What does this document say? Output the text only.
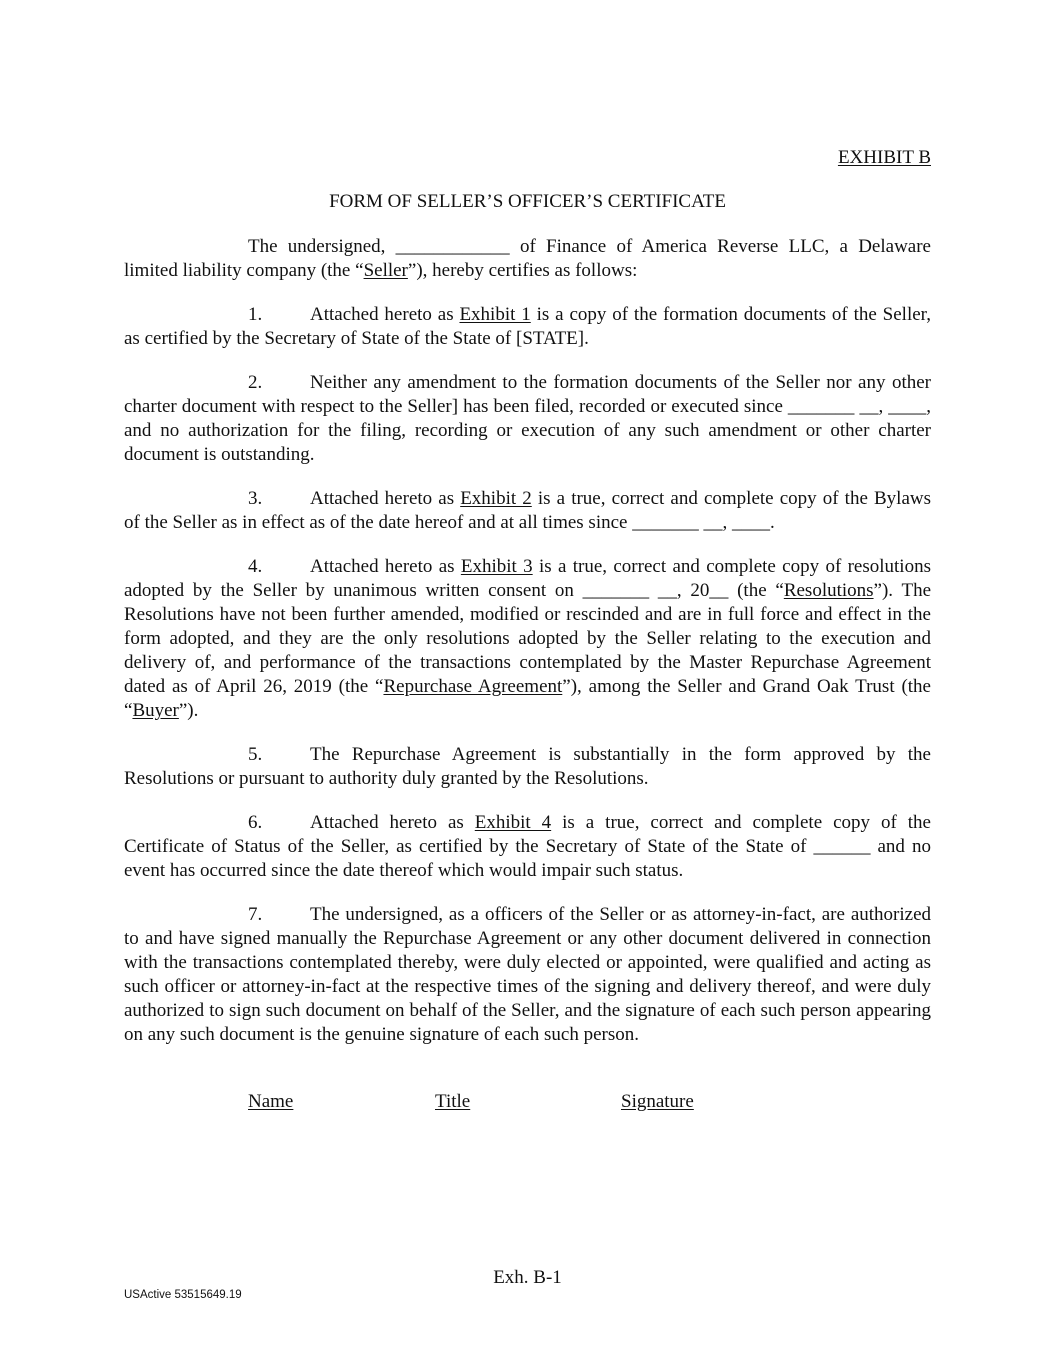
EXHIBIT B
FORM OF SELLER’S OFFICER’S CERTIFICATE

The undersigned, ____________ of Finance of America Reverse LLC, a Delaware limited liability company (the “Seller”), hereby certifies as follows:

1.	Attached hereto as Exhibit 1 is a copy of the formation documents of the Seller, as certified by the Secretary of State of the State of [STATE].

2.	Neither any amendment to the formation documents of the Seller nor any other charter document with respect to the Seller] has been filed, recorded or executed since _______ __, ____, and no authorization for the filing, recording or execution of any such amendment or other charter document is outstanding.

3.	Attached hereto as Exhibit 2 is a true, correct and complete copy of the Bylaws of the Seller as in effect as of the date hereof and at all times since _______ __, ____.

4.	Attached hereto as Exhibit 3 is a true, correct and complete copy of resolutions adopted by the Seller by unanimous written consent on _______ __, 20__ (the “Resolutions”). The Resolutions have not been further amended, modified or rescinded and are in full force and effect in the form adopted, and they are the only resolutions adopted by the Seller relating to the execution and delivery of, and performance of the transactions contemplated by the Master Repurchase Agreement dated as of April 26, 2019 (the “Repurchase Agreement”), among the Seller and Grand Oak Trust (the “Buyer”).

5.	The Repurchase Agreement is substantially in the form approved by the Resolutions or pursuant to authority duly granted by the Resolutions.

6.	Attached hereto as Exhibit 4 is a true, correct and complete copy of the Certificate of Status of the Seller, as certified by the Secretary of State of the State of ______ and no event has occurred since the date thereof which would impair such status.

7.	The undersigned, as a officers of the Seller or as attorney-in-fact, are authorized to and have signed manually the Repurchase Agreement or any other document delivered in connection with the transactions contemplated thereby, were duly elected or appointed, were qualified and acting as such officer or attorney-in-fact at the respective times of the signing and delivery thereof, and were duly authorized to sign such document on behalf of the Seller, and the signature of each such person appearing on any such document is the genuine signature of each such person.

Name	Title	Signature
Exh. B-1
USActive 53515649.19
